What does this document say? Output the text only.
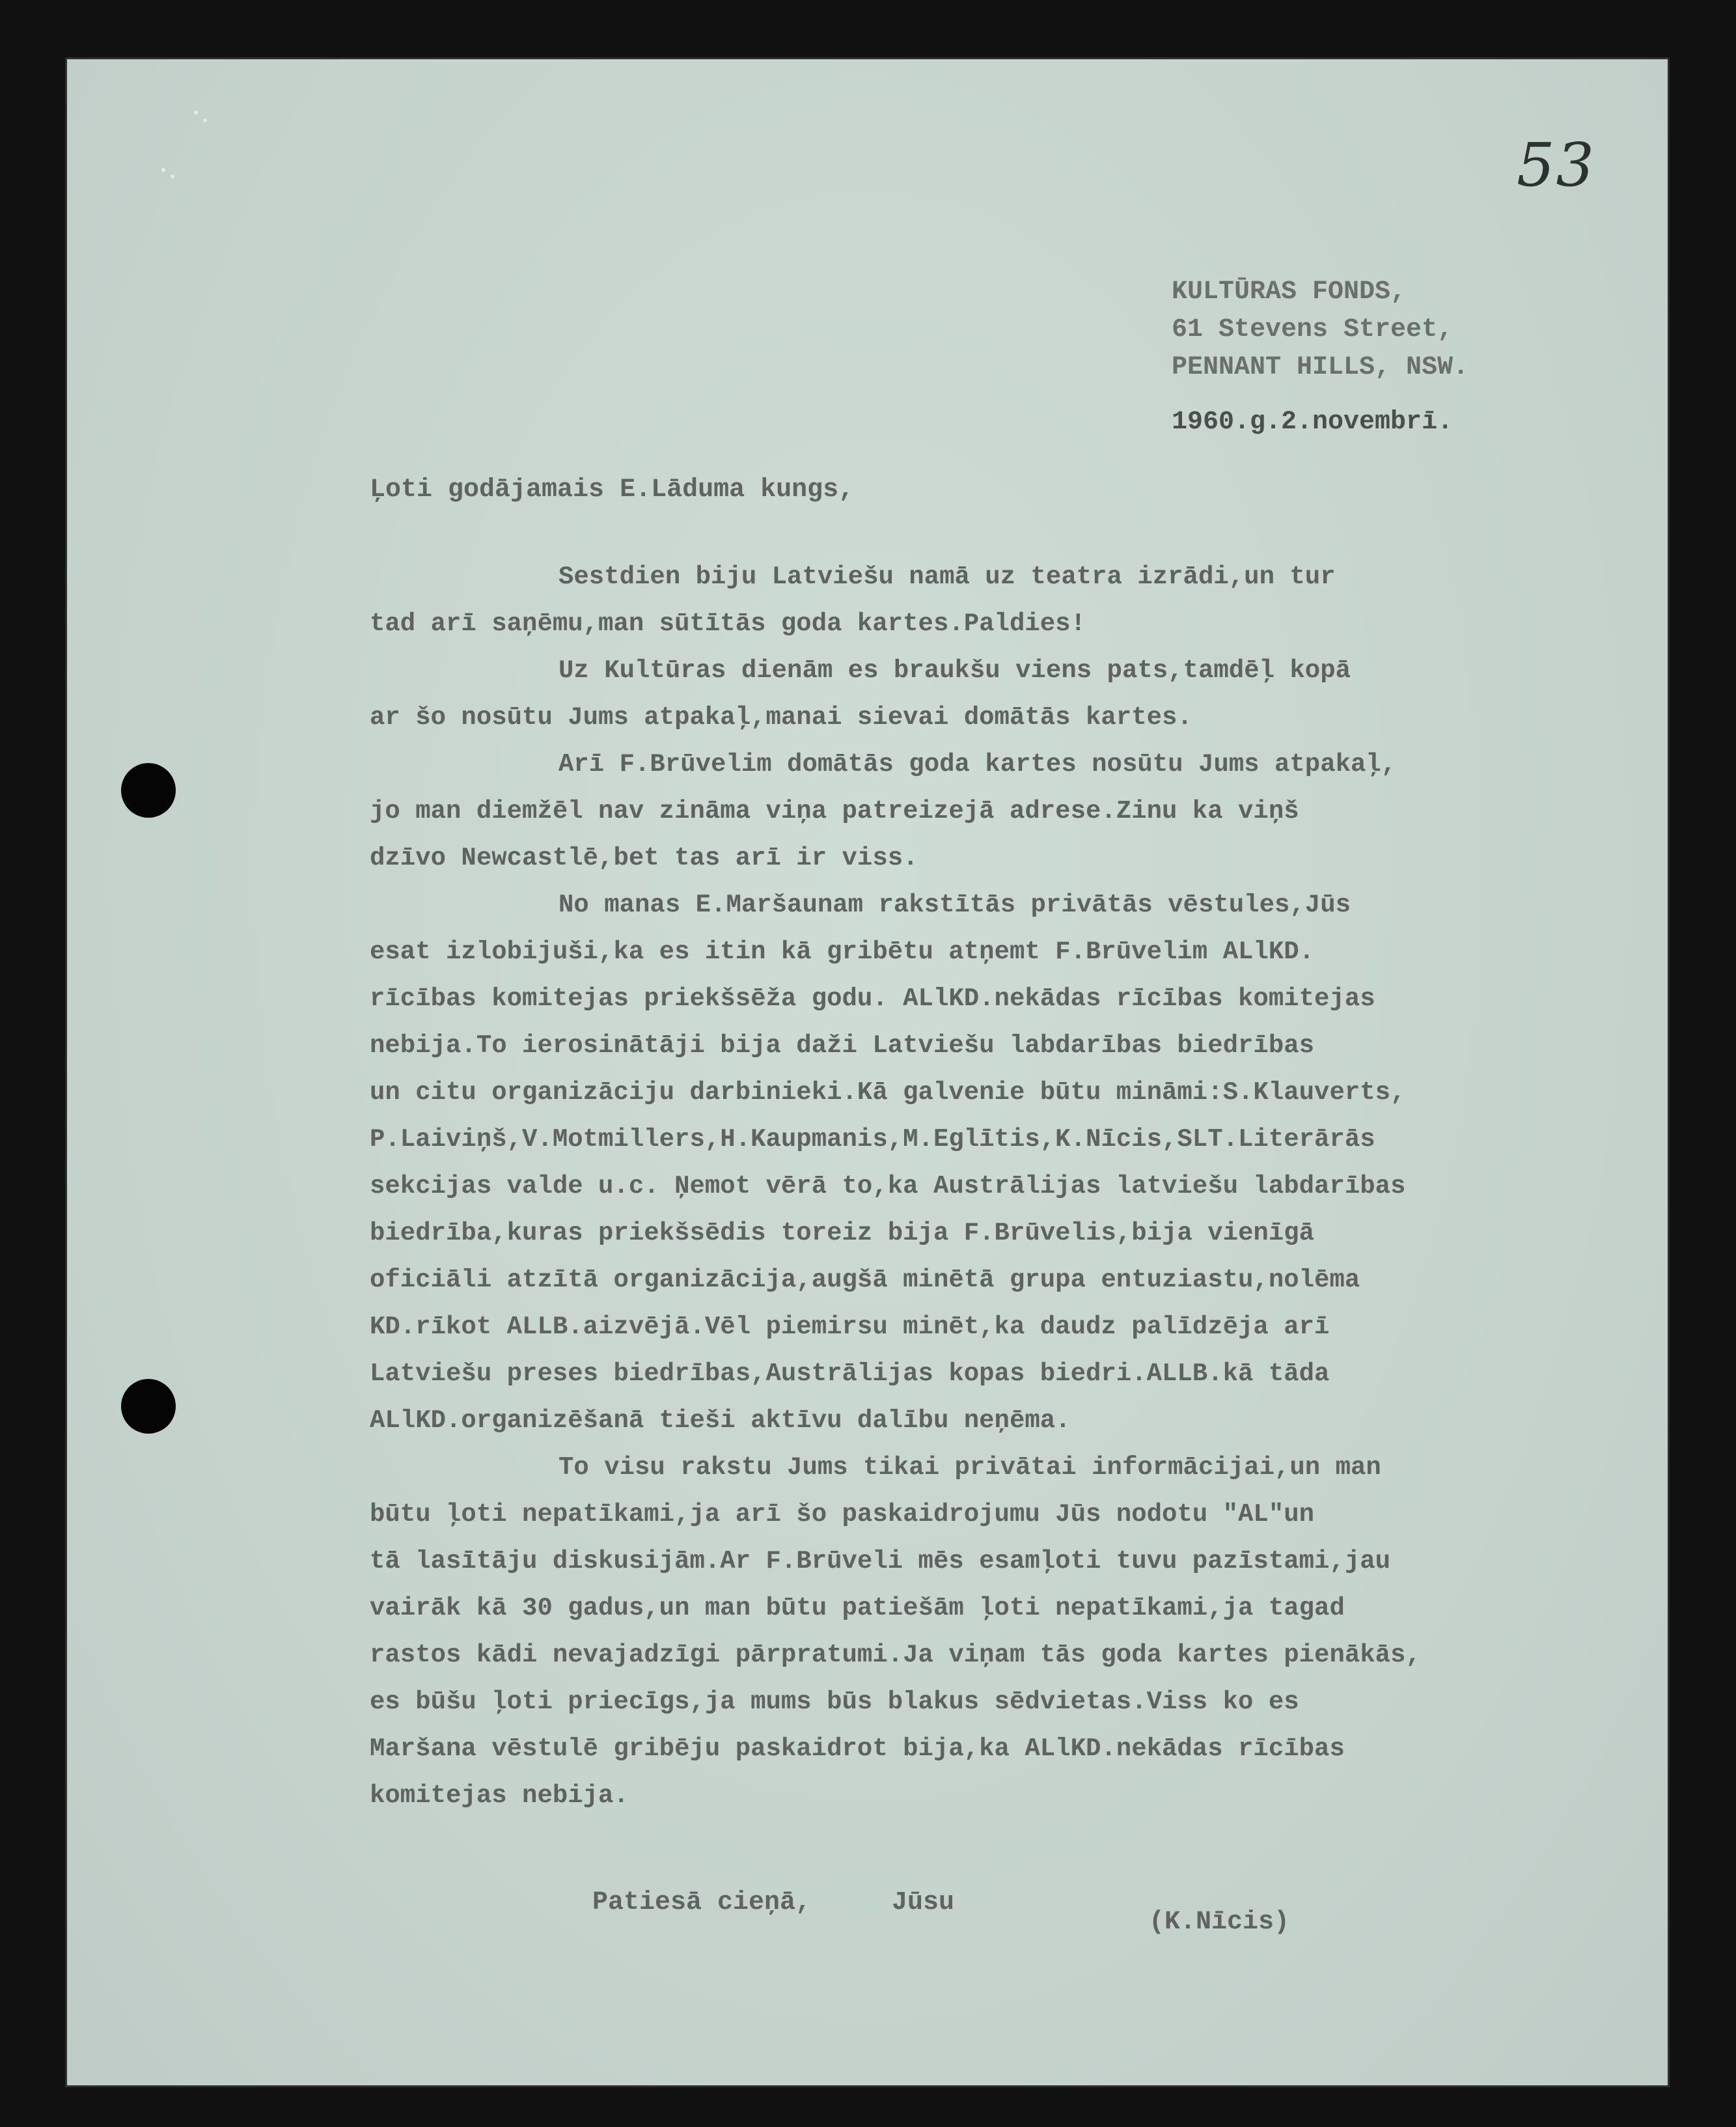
53
KULTŪRAS FONDS,
61 Stevens Street,
PENNANT HILLS, NSW.
1960.g.2.novembrī.
Ļoti godājamais E.Lāduma kungs,
Sestdien biju Latviešu namā uz teatra izrādi,un tur
tad arī saņēmu,man sūtītās goda kartes.Paldies!
Uz Kultūras dienām es braukšu viens pats,tamdēļ kopā
ar šo nosūtu Jums atpakaļ,manai sievai domātās kartes.
Arī F.Brūvelim domātās goda kartes nosūtu Jums atpakaļ,
jo man diemžēl nav zināma viņa patreizejā adrese.Zinu ka viņš
dzīvo Newcastlē,bet tas arī ir viss.
No manas E.Maršaunam rakstītās privātās vēstules,Jūs
esat izlobijuši,ka es itin kā gribētu atņemt F.Brūvelim ALlKD.
rīcības komitejas priekšsēža godu. ALlKD.nekādas rīcības komitejas
nebija.To ierosinātāji bija daži Latviešu labdarības biedrības
un citu organizāciju darbinieki.Kā galvenie būtu mināmi:S.Klauverts,
P.Laiviņš,V.Motmillers,H.Kaupmanis,M.Eglītis,K.Nīcis,SLT.Literārās
sekcijas valde u.c. Ņemot vērā to,ka Austrālijas latviešu labdarības
biedrība,kuras priekšsēdis toreiz bija F.Brūvelis,bija vienīgā
oficiāli atzītā organizācija,augšā minētā grupa entuziastu,nolēma
KD.rīkot ALLB.aizvējā.Vēl piemirsu minēt,ka daudz palīdzēja arī
Latviešu preses biedrības,Austrālijas kopas biedri.ALLB.kā tāda
ALlKD.organizēšanā tieši aktīvu dalību neņēma.
To visu rakstu Jums tikai privātai informācijai,un man
būtu ļoti nepatīkami,ja arī šo paskaidrojumu Jūs nodotu "AL"un
tā lasītāju diskusijām.Ar F.Brūveli mēs esamļoti tuvu pazīstami,jau
vairāk kā 30 gadus,un man būtu patiešām ļoti nepatīkami,ja tagad
rastos kādi nevajadzīgi pārpratumi.Ja viņam tās goda kartes pienākās,
es būšu ļoti priecīgs,ja mums būs blakus sēdvietas.Viss ko es
Maršana vēstulē gribēju paskaidrot bija,ka ALlKD.nekādas rīcības
komitejas nebija.

Patiesā cieņā,

	Jūsu

(K.Nīcis)
